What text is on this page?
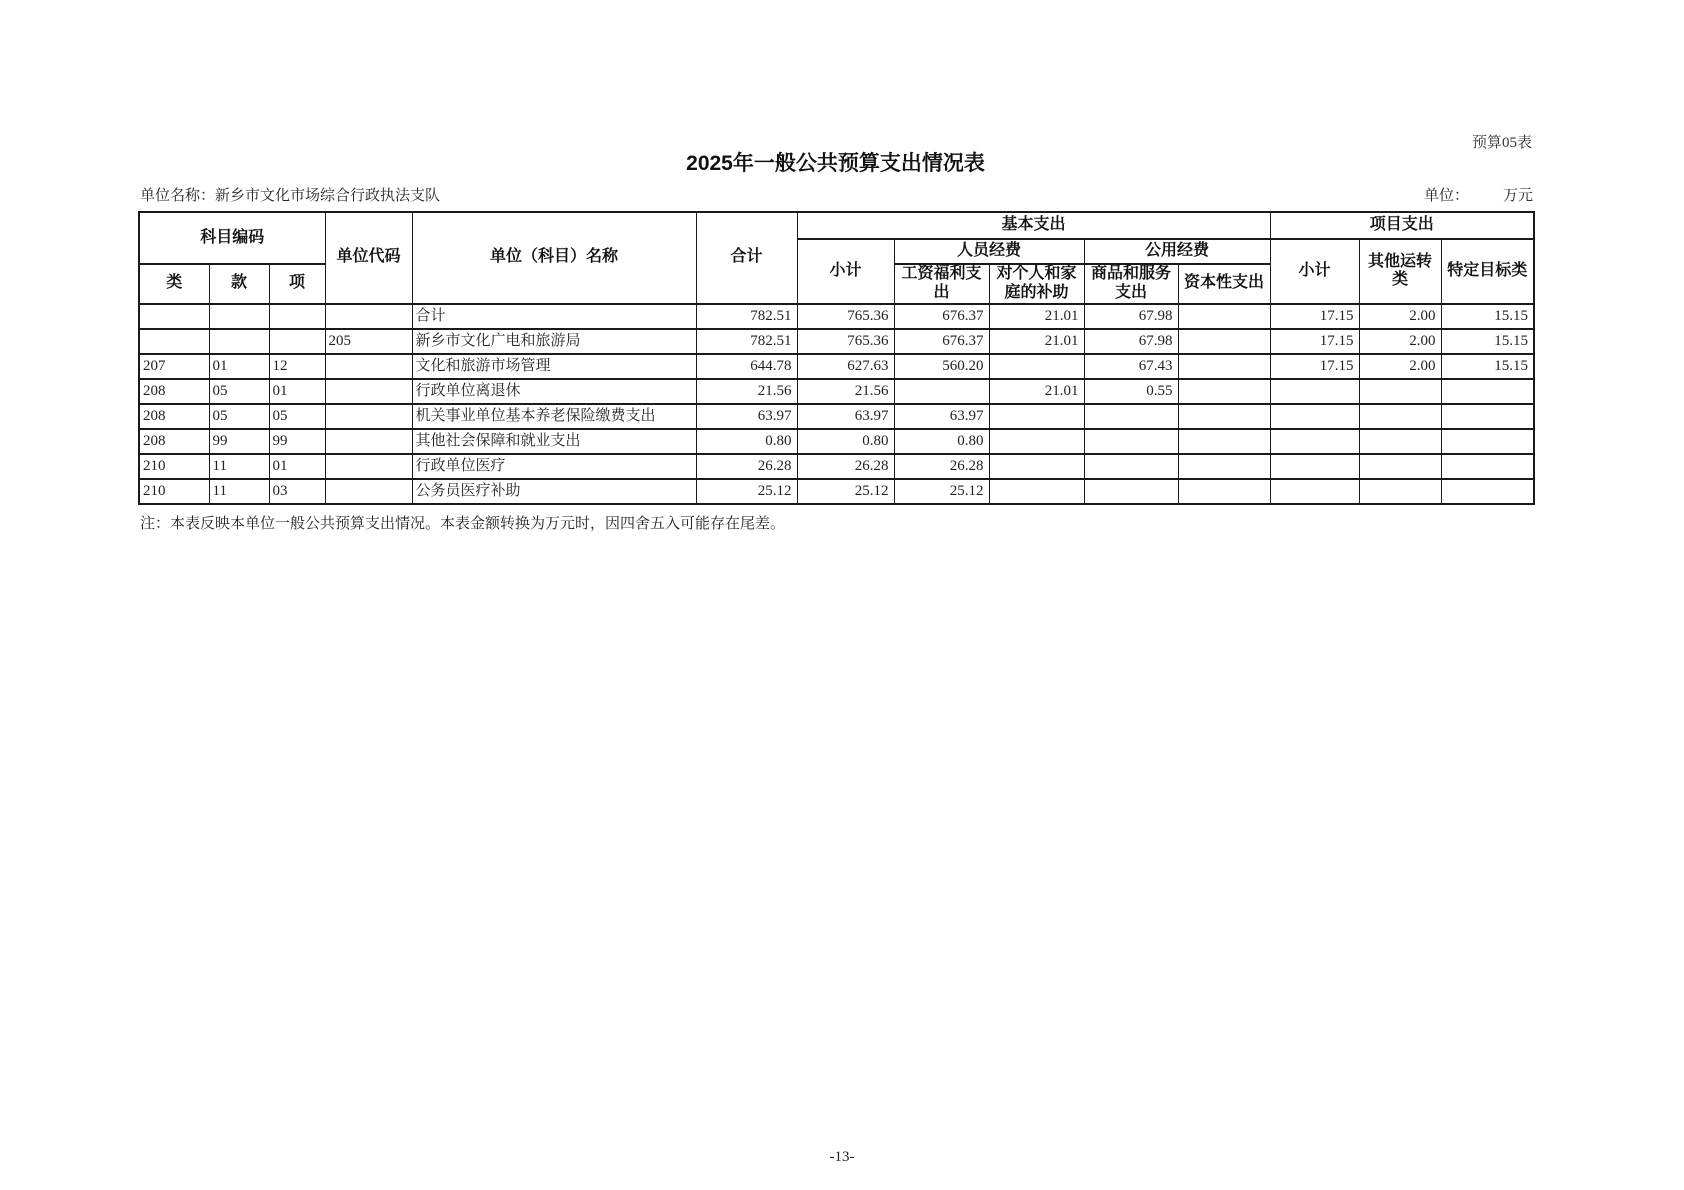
预算05表
2025年一般公共预算支出情况表
单位名称：新乡市文化市场综合行政执法支队	单位： 万元
科目编码			单位代码	单位（科目）名称	合计	基本支出					项目支出		
						小计	人员经费		公用经费		小计	其他运转类	特定目标类
类	款	项					工资福利支出	对个人和家庭的补助	商品和服务支出	资本性支出			
				合计	782.51	765.36	676.37	21.01	67.98		17.15	2.00	15.15
			205	新乡市文化广电和旅游局	782.51	765.36	676.37	21.01	67.98		17.15	2.00	15.15
207	01	12		文化和旅游市场管理	644.78	627.63	560.20		67.43		17.15	2.00	15.15
208	05	01		行政单位离退休	21.56	21.56		21.01	0.55				
208	05	05		机关事业单位基本养老保险缴费支出	63.97	63.97	63.97						
208	99	99		其他社会保障和就业支出	0.80	0.80	0.80						
210	11	01		行政单位医疗	26.28	26.28	26.28						
210	11	03		公务员医疗补助	25.12	25.12	25.12						
注：本表反映本单位一般公共预算支出情况。本表金额转换为万元时，因四舍五入可能存在尾差。
-13-
